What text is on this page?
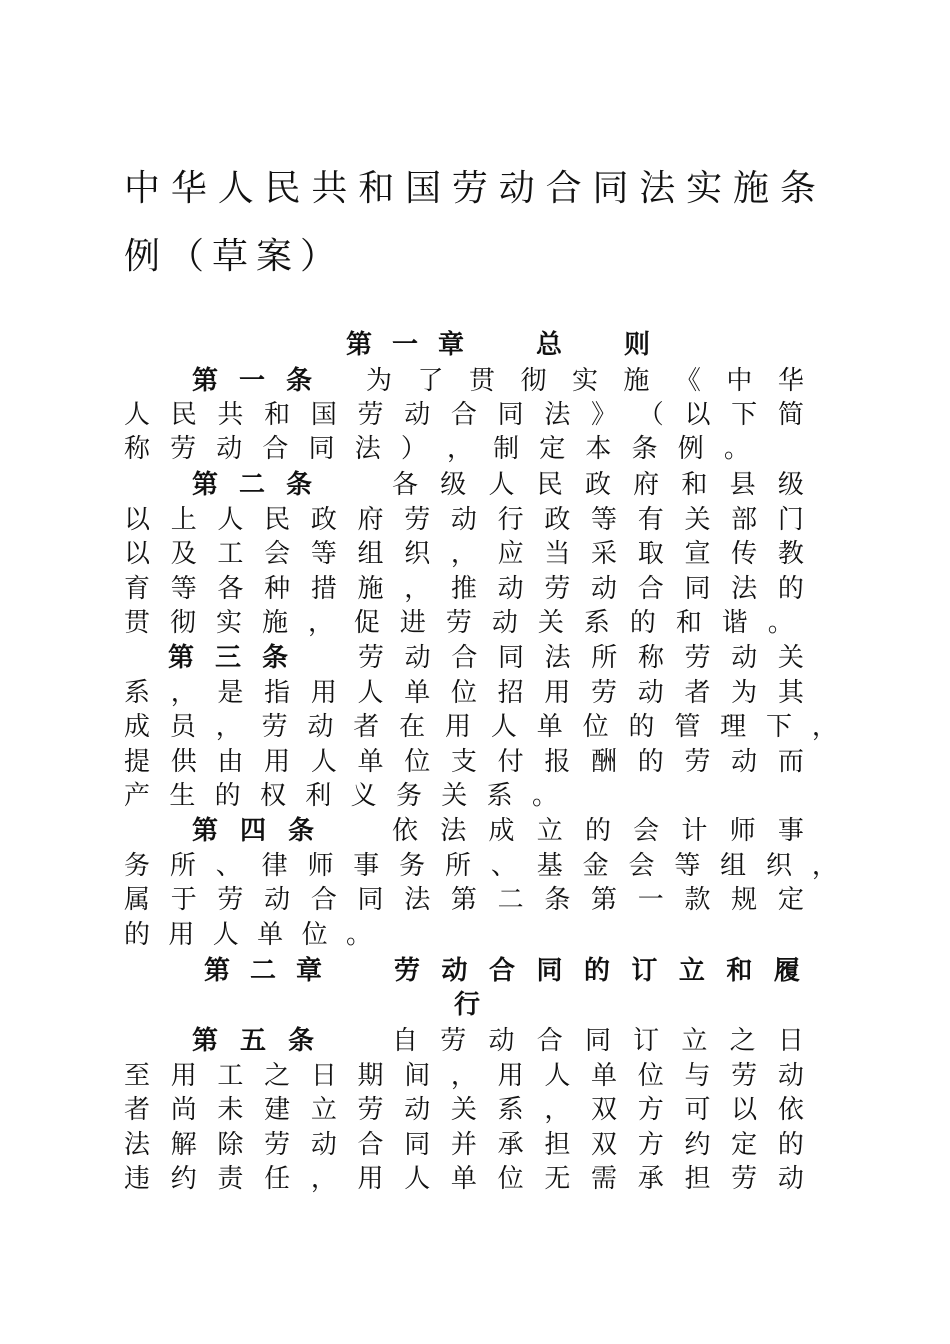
中 华 人 民 共 和 国 劳 动 合 同 法 实 施 条
例 （ 草 案 ）
第 一 章	总 则
第 一 条 为 了 贯 彻 实 施 《 中 华
人 民 共 和 国 劳 动 合 同 法 》 （ 以 下 简
称 劳 动 合 同 法 ） ， 制 定 本 条 例 。
第 二 条	各 级 人 民 政 府 和 县 级
以 上 人 民 政 府 劳 动 行 政 等 有 关 部 门
以 及 工 会 等 组 织 ， 应 当 采 取 宣 传 教
育 等 各 种 措 施 ， 推 动 劳 动 合 同 法 的
贯 彻 实 施 ， 促 进 劳 动 关 系 的 和 谐 。
第 三 条	劳 动 合 同 法 所 称 劳 动 关
系 ， 是 指 用 人 单 位 招 用 劳 动 者 为 其
成 员 ， 劳 动 者 在 用 人 单 位 的 管 理 下 ，
提 供 由 用 人 单 位 支 付 报 酬 的 劳 动 而
产 生 的 权 利 义 务 关 系 。
第 四 条	依 法 成 立 的 会 计 师 事
务 所 、 律 师 事 务 所 、 基 金 会 等 组 织 ，
属 于 劳 动 合 同 法 第 二 条 第 一 款 规 定
的 用 人 单 位 。
第 二 章	劳 动 合 同 的 订 立 和 履
行
第 五 条	自 劳 动 合 同 订 立 之 日
至 用 工 之 日 期 间 ， 用 人 单 位 与 劳 动
者 尚 未 建 立 劳 动 关 系 ， 双 方 可 以 依
法 解 除 劳 动 合 同 并 承 担 双 方 约 定 的
违 约 责 任 ， 用 人 单 位 无 需 承 担 劳 动
